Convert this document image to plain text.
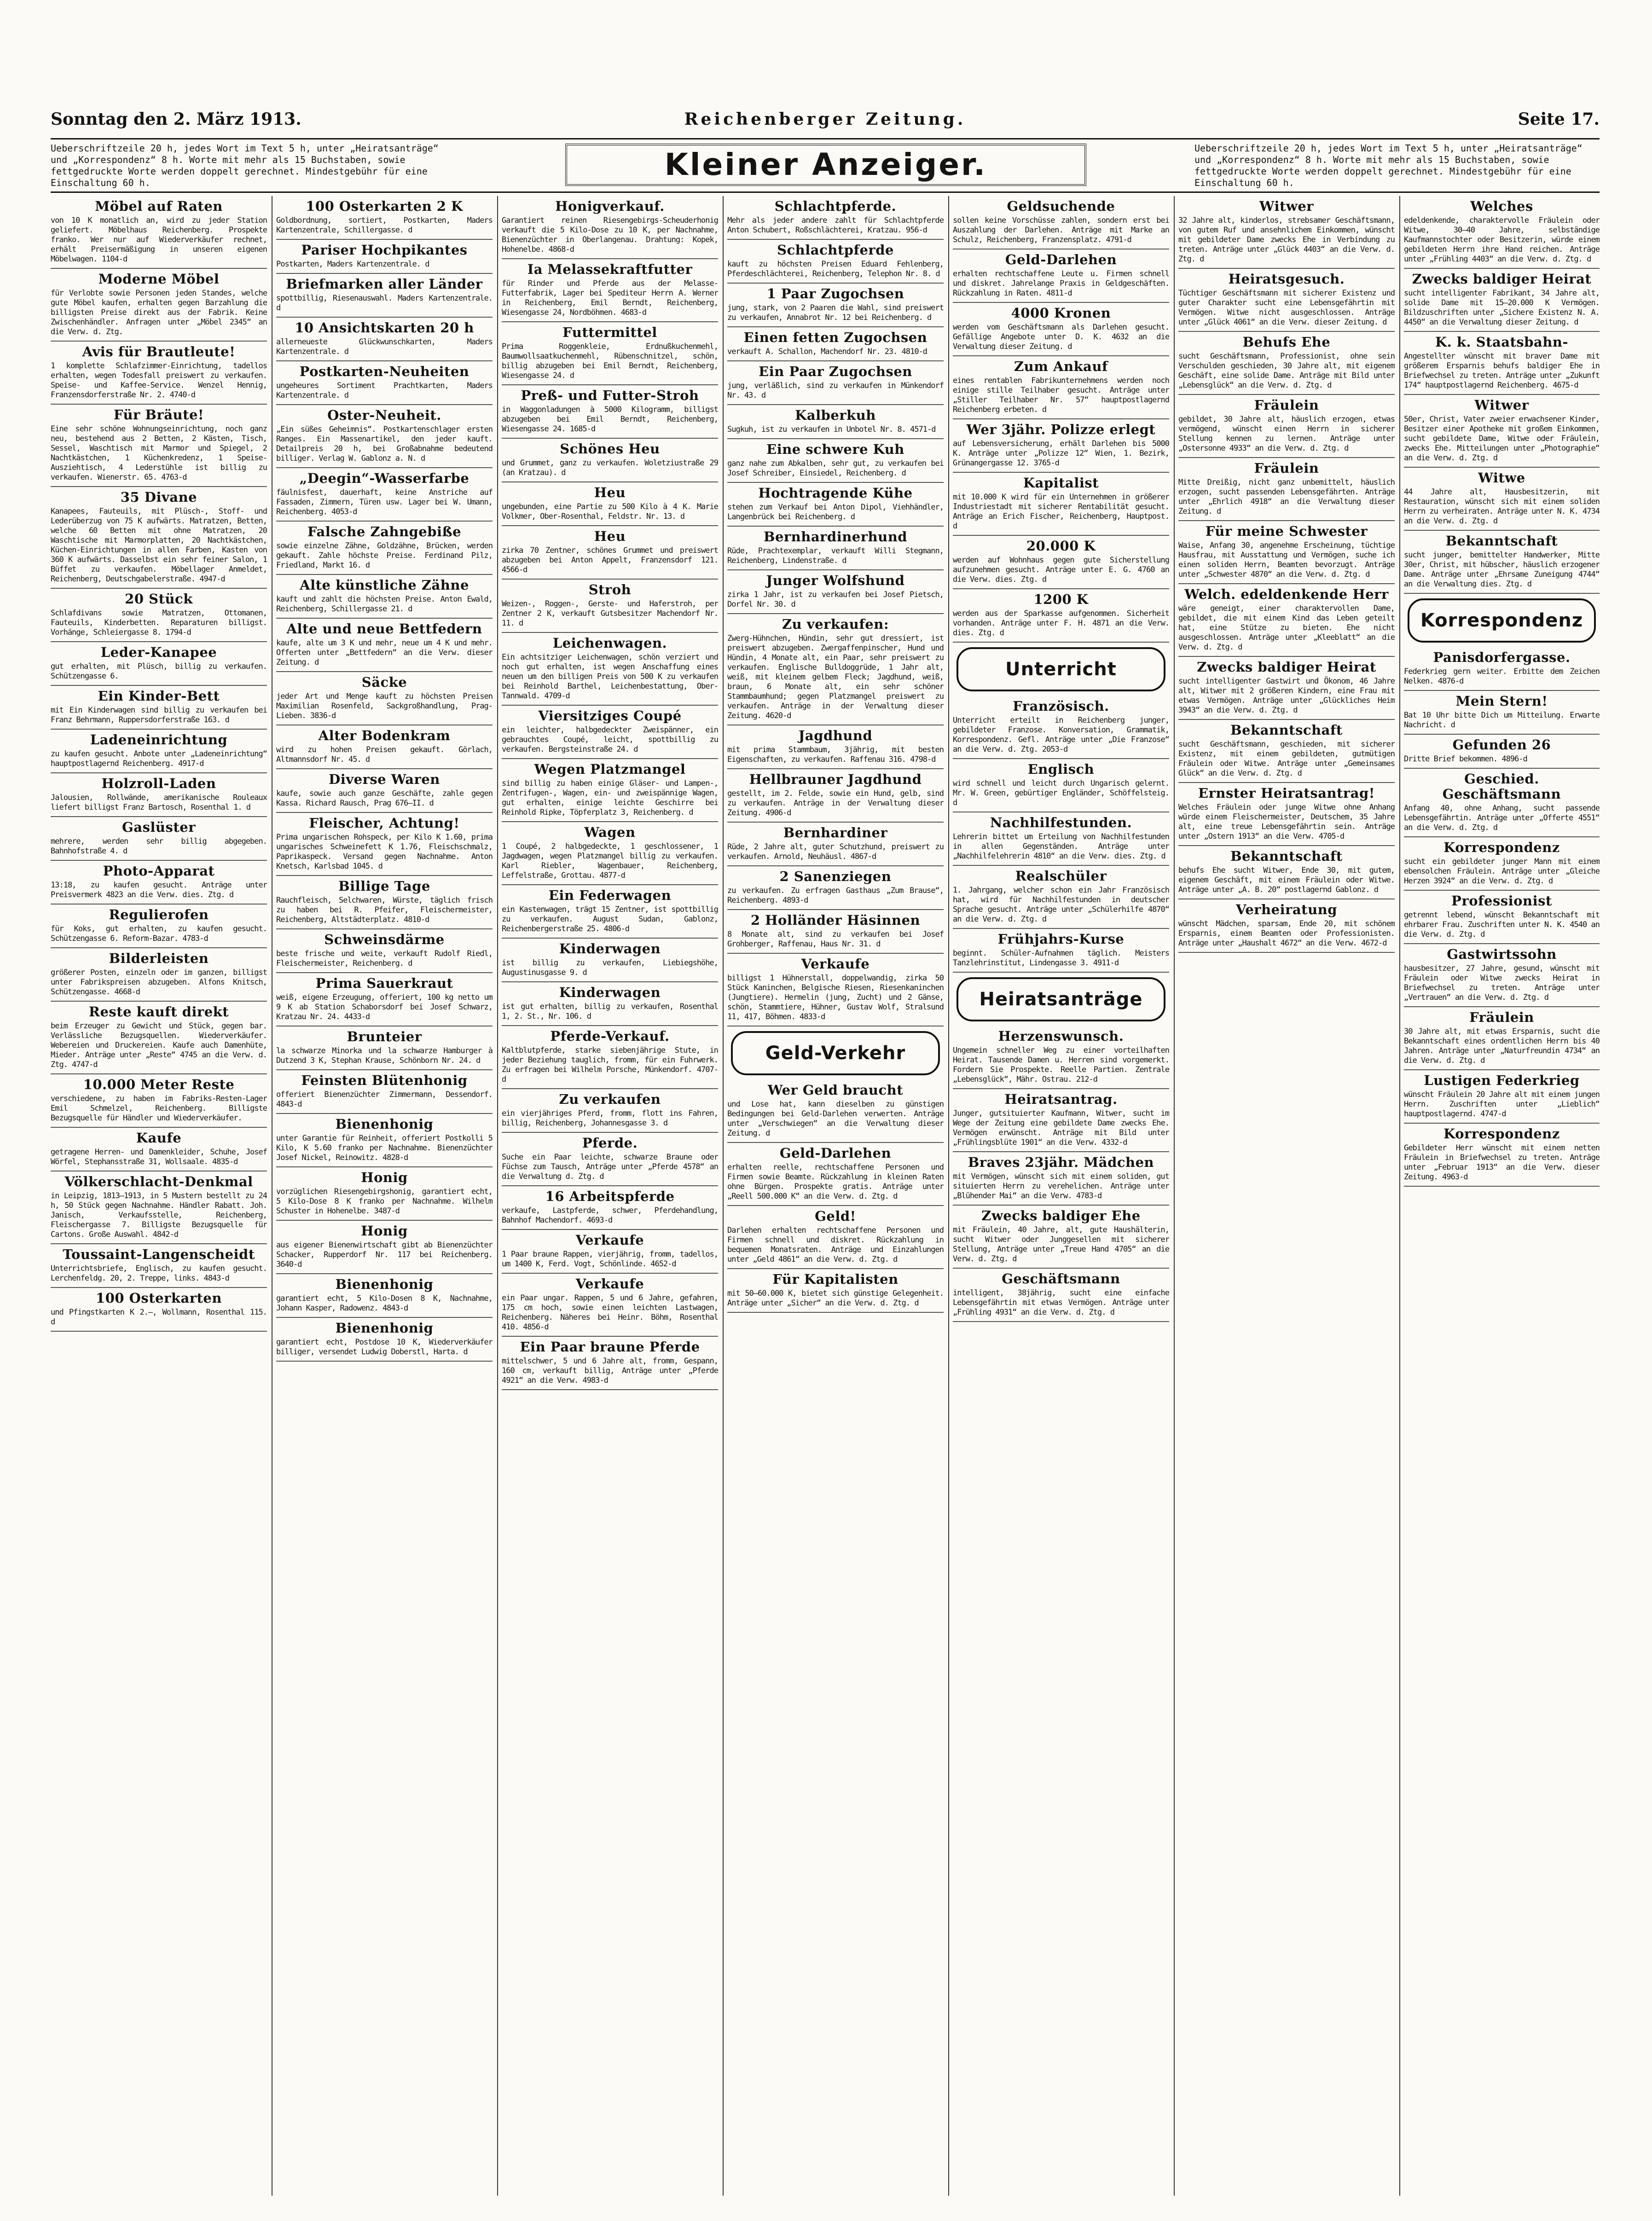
Sonntag den 2. März 1913.	Reichenberger Zeitung.	Seite 17.
Ueberschriftzeile 20 h, jedes Wort im Text 5 h, unter „Heiratsanträge“ und „Korrespondenz“ 8 h. Worte mit mehr als 15 Buchstaben, sowie fettgedruckte Worte werden doppelt gerechnet. Mindestgebühr für eine Einschaltung 60 h.
Kleiner Anzeiger.	Ueberschriftzeile 20 h, jedes Wort im Text 5 h, unter „Heiratsanträge“ und „Korrespondenz“ 8 h. Worte mit mehr als 15 Buchstaben, sowie fettgedruckte Worte werden doppelt gerechnet. Mindestgebühr für eine Einschaltung 60 h.
Möbel auf Raten

von 10 K monatlich an, wird zu jeder Station geliefert. Möbelhaus Reichenberg. Prospekte franko. Wer nur auf Wiederverkäufer rechnet, erhält Preisermäßigung in unseren eigenen Möbelwagen. 1104-d

Moderne Möbel

für Verlobte sowie Personen jeden Standes, welche gute Möbel kaufen, erhalten gegen Barzahlung die billigsten Preise direkt aus der Fabrik. Keine Zwischenhändler. Anfragen unter „Möbel 2345“ an die Verw. d. Ztg.

Avis für Brautleute!

1 komplette Schlafzimmer-Einrichtung, tadellos erhalten, wegen Todesfall preiswert zu verkaufen. Speise- und Kaffee-Service. Wenzel Hennig, Franzensdorferstraße Nr. 2. 4740-d

Für Bräute!

Eine sehr schöne Wohnungseinrichtung, noch ganz neu, bestehend aus 2 Betten, 2 Kästen, Tisch, Sessel, Waschtisch mit Marmor und Spiegel, 2 Nachtkästchen, 1 Küchenkredenz, 1 Speise-Ausziehtisch, 4 Lederstühle ist billig zu verkaufen. Wienerstr. 65. 4763-d

35 Divane

Kanapees, Fauteuils, mit Plüsch-, Stoff- und Lederüberzug von 75 K aufwärts. Matratzen, Betten, welche 60 Betten mit ohne Matratzen, 20 Waschtische mit Marmorplatten, 20 Nachtkästchen, Küchen-Einrichtungen in allen Farben, Kasten von 360 K aufwärts. Dasselbst ein sehr feiner Salon, 1 Büffet zu verkaufen. Möbellager Anmeldet, Reichenberg, Deutschgabelerstraße. 4947-d

20 Stück

Schlafdivans sowie Matratzen, Ottomanen, Fauteuils, Kinderbetten. Reparaturen billigst. Vorhänge, Schleiergasse 8. 1794-d

Leder-Kanapee

gut erhalten, mit Plüsch, billig zu verkaufen. Schützengasse 6.

Ein Kinder-Bett

mit Ein Kinderwagen sind billig zu verkaufen bei Franz Behrmann, Ruppersdorferstraße 163. d

Ladeneinrichtung

zu kaufen gesucht. Anbote unter „Ladeneinrichtung“ hauptpostlagernd Reichenberg. 4917-d

Holzroll-Laden

Jalousien, Rollwände, amerikanische Rouleaux liefert billigst Franz Bartosch, Rosenthal 1. d

Gaslüster

mehrere, werden sehr billig abgegeben. Bahnhofstraße 4. d

Photo-Apparat

13:18, zu kaufen gesucht. Anträge unter Preisvermerk 4823 an die Verw. dies. Ztg. d

Regulierofen

für Koks, gut erhalten, zu kaufen gesucht. Schützengasse 6. Reform-Bazar. 4783-d

Bilderleisten

größerer Posten, einzeln oder im ganzen, billigst unter Fabrikspreisen abzugeben. Alfons Knitsch, Schützengasse. 4668-d

Reste kauft direkt

beim Erzeuger zu Gewicht und Stück, gegen bar. Verlässliche Bezugsquellen. Wiederverkäufer. Webereien und Druckereien. Kaufe auch Damenhüte, Mieder. Anträge unter „Reste“ 4745 an die Verw. d. Ztg. 4747-d

10.000 Meter Reste

verschiedene, zu haben im Fabriks-Resten-Lager Emil Schmelzel, Reichenberg. Billigste Bezugsquelle für Händler und Wiederverkäufer.

Kaufe

getragene Herren- und Damenkleider, Schuhe, Josef Wörfel, Stephansstraße 31, Wollsaale. 4835-d

Völkerschlacht-Denkmal

in Leipzig, 1813—1913, in 5 Mustern bestellt zu 24 h, 50 Stück gegen Nachnahme. Händler Rabatt. Joh. Janisch, Verkaufsstelle, Reichenberg, Fleischergasse 7. Billigste Bezugsquelle für Cartons. Große Auswahl. 4842-d

Toussaint-Langenscheidt

Unterrichtsbriefe, Englisch, zu kaufen gesucht. Lerchenfeldg. 20, 2. Treppe, links. 4843-d

100 Osterkarten

und Pfingstkarten K 2.—, Wollmann, Rosenthal 115. d

100 Osterkarten 2 K

Goldbordnung, sortiert, Postkarten, Maders Kartenzentrale, Schillergasse. d

Pariser Hochpikantes

Postkarten, Maders Kartenzentrale. d

Briefmarken aller Länder

spottbillig, Riesenauswahl. Maders Kartenzentrale. d

10 Ansichtskarten 20 h

allerneueste Glückwunschkarten, Maders Kartenzentrale. d

Postkarten-Neuheiten

ungeheures Sortiment Prachtkarten, Maders Kartenzentrale. d

Oster-Neuheit.

„Ein süßes Geheimnis“. Postkartenschlager ersten Ranges. Ein Massenartikel, den jeder kauft. Detailpreis 20 h, bei Großabnahme bedeutend billiger. Verlag W. Gablonz a. N. d

„Deegin“-Wasserfarbe

fäulnisfest, dauerhaft, keine Anstriche auf Fassaden, Zimmern, Türen usw. Lager bei W. Umann, Reichenberg. 4053-d

Falsche Zahngebiße

sowie einzelne Zähne, Goldzähne, Brücken, werden gekauft. Zahle höchste Preise. Ferdinand Pilz, Friedland, Markt 16. d

Alte künstliche Zähne

kauft und zahlt die höchsten Preise. Anton Ewald, Reichenberg, Schillergasse 21. d

Alte und neue Bettfedern

kaufe, alte um 3 K und mehr, neue um 4 K und mehr. Offerten unter „Bettfedern“ an die Verw. dieser Zeitung. d

Säcke

jeder Art und Menge kauft zu höchsten Preisen Maximilian Rosenfeld, Sackgroßhandlung, Prag-Lieben. 3836-d

Alter Bodenkram

wird zu hohen Preisen gekauft. Görlach, Altmannsdorf Nr. 45. d

Diverse Waren

kaufe, sowie auch ganze Geschäfte, zahle gegen Kassa. Richard Rausch, Prag 676—II. d

Fleischer, Achtung!

Prima ungarischen Rohspeck, per Kilo K 1.60, prima ungarisches Schweinefett K 1.76, Fleischschmalz, Paprikaspeck. Versand gegen Nachnahme. Anton Knetsch, Karlsbad 1045. d

Billige Tage

Rauchfleisch, Selchwaren, Würste, täglich frisch zu haben bei R. Pfeifer, Fleischermeister, Reichenberg, Altstädterplatz. 4810-d

Schweinsdärme

beste frische und weite, verkauft Rudolf Riedl, Fleischermeister, Reichenberg. d

Prima Sauerkraut

weiß, eigene Erzeugung, offeriert, 100 kg netto um 9 K ab Station Schaborsdorf bei Josef Schwarz, Kratzau Nr. 24. 4433-d

Brunteier

la schwarze Minorka und la schwarze Hamburger à Dutzend 3 K, Stephan Krause, Schönborn Nr. 24. d

Feinsten Blütenhonig

offeriert Bienenzüchter Zimmermann, Dessendorf. 4843-d

Bienenhonig

unter Garantie für Reinheit, offeriert Postkolli 5 Kilo, K 5.60 franko per Nachnahme. Bienenzüchter Josef Nickel, Reinowitz. 4828-d

Honig

vorzüglichen Riesengebirgshonig, garantiert echt, 5 Kilo-Dose 8 K franko per Nachnahme. Wilhelm Schuster in Hohenelbe. 3487-d

Honig

aus eigener Bienenwirtschaft gibt ab Bienenzüchter Schacker, Rupperdorf Nr. 117 bei Reichenberg. 3640-d

Bienenhonig

garantiert echt, 5 Kilo-Dosen 8 K, Nachnahme, Johann Kasper, Radowenz. 4843-d

Bienenhonig

garantiert echt, Postdose 10 K, Wiederverkäufer billiger, versendet Ludwig Doberstl, Harta. d

Honigverkauf.

Garantiert reinen Riesengebirgs-Scheuderhonig verkauft die 5 Kilo-Dose zu 10 K, per Nachnahme, Bienenzüchter in Oberlangenau. Drahtung: Kopek, Hohenelbe. 4868-d

Ia Melassekraftfutter

für Rinder und Pferde aus der Melasse-Futterfabrik, Lager bei Spediteur Herrn A. Werner in Reichenberg, Emil Berndt, Reichenberg, Wiesengasse 24, Nordböhmen. 4683-d

Futtermittel

Prima Roggenkleie, Erdnußkuchenmehl, Baumwollsaatkuchenmehl, Rübenschnitzel, schön, billig abzugeben bei Emil Berndt, Reichenberg, Wiesengasse 24. d

Preß- und Futter-Stroh

in Waggonladungen à 5000 Kilogramm, billigst abzugeben bei Emil Berndt, Reichenberg, Wiesengasse 24. 1685-d

Schönes Heu

und Grummet, ganz zu verkaufen. Woletziustraße 29 (an Kratzau). d

Heu

ungebunden, eine Partie zu 500 Kilo à 4 K. Marie Volkmer, Ober-Rosenthal, Feldstr. Nr. 13. d

Heu

zirka 70 Zentner, schönes Grummet und preiswert abzugeben bei Anton Appelt, Franzensdorf 121. 4566-d

Stroh

Weizen-, Roggen-, Gerste- und Haferstroh, per Zentner 2 K, verkauft Gutsbesitzer Machendorf Nr. 11. d

Leichenwagen.

Ein achtsitziger Leichenwagen, schön verziert und noch gut erhalten, ist wegen Anschaffung eines neuen um den billigen Preis von 500 K zu verkaufen bei Reinhold Barthel, Leichenbestattung, Ober-Tannwald. 4709-d

Viersitziges Coupé

ein leichter, halbgedeckter Zweispänner, ein gebrauchtes Coupé, leicht, spottbillig zu verkaufen. Bergsteinstraße 24. d

Wegen Platzmangel

sind billig zu haben einige Gläser- und Lampen-, Zentrifugen-, Wagen, ein- und zweispännige Wagen, gut erhalten, einige leichte Geschirre bei Reinhold Ripke, Töpferplatz 3, Reichenberg. d

Wagen

1 Coupé, 2 halbgedeckte, 1 geschlossener, 1 Jagdwagen, wegen Platzmangel billig zu verkaufen. Karl Riebler, Wagenbauer, Reichenberg, Leffelstraße, Grottau. 4877-d

Ein Federwagen

ein Kastenwagen, trägt 15 Zentner, ist spottbillig zu verkaufen. August Sudan, Gablonz, Reichenbergerstraße 25. 4806-d

Kinderwagen

ist billig zu verkaufen, Liebiegshöhe, Augustinusgasse 9. d

Kinderwagen

ist gut erhalten, billig zu verkaufen, Rosenthal 1, 2. St., Nr. 106. d

Pferde-Verkauf.

Kaltblutpferde, starke siebenjährige Stute, in jeder Beziehung tauglich, fromm, für ein Fuhrwerk. Zu erfragen bei Wilhelm Porsche, Münkendorf. 4707-d

Zu verkaufen

ein vierjähriges Pferd, fromm, flott ins Fahren, billig, Reichenberg, Johannesgasse 3. d

Pferde.

Suche ein Paar leichte, schwarze Braune oder Füchse zum Tausch, Anträge unter „Pferde 4578“ an die Verwaltung d. Ztg. d

16 Arbeitspferde

verkaufe, Lastpferde, schwer, Pferdehandlung, Bahnhof Machendorf. 4693-d

Verkaufe

1 Paar braune Rappen, vierjährig, fromm, tadellos, um 1400 K, Ferd. Vogt, Schönlinde. 4652-d

Verkaufe

ein Paar ungar. Rappen, 5 und 6 Jahre, gefahren, 175 cm hoch, sowie einen leichten Lastwagen, Reichenberg. Näheres bei Heinr. Böhm, Rosenthal 410. 4856-d

Ein Paar braune Pferde

mittelschwer, 5 und 6 Jahre alt, fromm, Gespann, 160 cm, verkauft billig, Anträge unter „Pferde 4921“ an die Verw. 4983-d

Schlachtpferde.

Mehr als jeder andere zahlt für Schlachtpferde Anton Schubert, Roßschlächterei, Kratzau. 956-d

Schlachtpferde

kauft zu höchsten Preisen Eduard Fehlenberg, Pferdeschlächterei, Reichenberg, Telephon Nr. 8. d

1 Paar Zugochsen

jung, stark, von 2 Paaren die Wahl, sind preiswert zu verkaufen, Annabrot Nr. 12 bei Reichenberg. d

Einen fetten Zugochsen

verkauft A. Schallon, Machendorf Nr. 23. 4810-d

Ein Paar Zugochsen

jung, verläßlich, sind zu verkaufen in Münkendorf Nr. 43. d

Kalberkuh

Sugkuh, ist zu verkaufen in Unbotel Nr. 8. 4571-d

Eine schwere Kuh

ganz nahe zum Abkalben, sehr gut, zu verkaufen bei Josef Schreiber, Einsiedel, Reichenberg. d

Hochtragende Kühe

stehen zum Verkauf bei Anton Dipol, Viehhändler, Langenbrück bei Reichenberg. d

Bernhardinerhund

Rüde, Prachtexemplar, verkauft Willi Stegmann, Reichenberg, Lindenstraße. d

Junger Wolfshund

zirka 1 Jahr, ist zu verkaufen bei Josef Pietsch, Dorfel Nr. 30. d

Zu verkaufen:

Zwerg-Hühnchen, Hündin, sehr gut dressiert, ist preiswert abzugeben. Zwergaffenpinscher, Hund und Hündin, 4 Monate alt, ein Paar, sehr preiswert zu verkaufen. Englische Bulldoggrüde, 1 Jahr alt, weiß, mit kleinem gelbem Fleck; Jagdhund, weiß, braun, 6 Monate alt, ein sehr schöner Stammbaumhund; gegen Platzmangel preiswert zu verkaufen. Anträge in der Verwaltung dieser Zeitung. 4620-d

Jagdhund

mit prima Stammbaum, 3jährig, mit besten Eigenschaften, zu verkaufen. Raffenau 316. 4798-d

Hellbrauner Jagdhund

gestellt, im 2. Felde, sowie ein Hund, gelb, sind zu verkaufen. Anträge in der Verwaltung dieser Zeitung. 4906-d

Bernhardiner

Rüde, 2 Jahre alt, guter Schutzhund, preiswert zu verkaufen. Arnold, Neuhäusl. 4867-d

2 Sanenziegen

zu verkaufen. Zu erfragen Gasthaus „Zum Brause“, Reichenberg. 4893-d

2 Holländer Häsinnen

8 Monate alt, sind zu verkaufen bei Josef Grohberger, Raffenau, Haus Nr. 31. d

Verkaufe

billigst 1 Hühnerstall, doppelwandig, zirka 50 Stück Kaninchen, Belgische Riesen, Riesenkaninchen (Jungtiere). Hermelin (jung, Zucht) und 2 Gänse, schön, Stammtiere, Hühner, Gustav Wolf, Stralsund 11, 417, Böhmen. 4833-d

Geld-Verkehr
Wer Geld braucht

und Lose hat, kann dieselben zu günstigen Bedingungen bei Geld-Darlehen verwerten. Anträge unter „Verschwiegen“ an die Verwaltung dieser Zeitung. d

Geld-Darlehen

erhalten reelle, rechtschaffene Personen und Firmen sowie Beamte. Rückzahlung in kleinen Raten ohne Bürgen. Prospekte gratis. Anträge unter „Reell 500.000 K“ an die Verw. d. Ztg. d

Geld!

Darlehen erhalten rechtschaffene Personen und Firmen schnell und diskret. Rückzahlung in bequemen Monatsraten. Anträge und Einzahlungen unter „Geld 4861“ an die Verw. d. Ztg. d

Für Kapitalisten

mit 50—60.000 K, bietet sich günstige Gelegenheit. Anträge unter „Sicher“ an die Verw. d. Ztg. d

Geldsuchende

sollen keine Vorschüsse zahlen, sondern erst bei Auszahlung der Darlehen. Anträge mit Marke an Schulz, Reichenberg, Franzensplatz. 4791-d

Geld-Darlehen

erhalten rechtschaffene Leute u. Firmen schnell und diskret. Jahrelange Praxis in Geldgeschäften. Rückzahlung in Raten. 4811-d

4000 Kronen

werden vom Geschäftsmann als Darlehen gesucht. Gefällige Angebote unter D. K. 4632 an die Verwaltung dieser Zeitung. d

Zum Ankauf

eines rentablen Fabrikunternehmens werden noch einige stille Teilhaber gesucht. Anträge unter „Stiller Teilhaber Nr. 57“ hauptpostlagernd Reichenberg erbeten. d

Wer 3jähr. Polizze erlegt

auf Lebensversicherung, erhält Darlehen bis 5000 K. Anträge unter „Polizze 12“ Wien, 1. Bezirk, Grünangergasse 12. 3765-d

Kapitalist

mit 10.000 K wird für ein Unternehmen in größerer Industriestadt mit sicherer Rentabilität gesucht. Anträge an Erich Fischer, Reichenberg, Hauptpost. d

20.000 K

werden auf Wohnhaus gegen gute Sicherstellung aufzunehmen gesucht. Anträge unter E. G. 4760 an die Verw. dies. Ztg. d

1200 K

werden aus der Sparkasse aufgenommen. Sicherheit vorhanden. Anträge unter F. H. 4871 an die Verw. dies. Ztg. d

Unterricht
Französisch.

Unterricht erteilt in Reichenberg junger, gebildeter Franzose. Konversation, Grammatik, Korrespondenz. Gefl. Anträge unter „Die Franzose“ an die Verw. d. Ztg. 2053-d

Englisch

wird schnell und leicht durch Ungarisch gelernt. Mr. W. Green, gebürtiger Engländer, Schöffelsteig. d

Nachhilfestunden.

Lehrerin bittet um Erteilung von Nachhilfestunden in allen Gegenständen. Anträge unter „Nachhilfelehrerin 4810“ an die Verw. dies. Ztg. d

Realschüler

1. Jahrgang, welcher schon ein Jahr Französisch hat, wird für Nachhilfestunden in deutscher Sprache gesucht. Anträge unter „Schülerhilfe 4870“ an die Verw. d. Ztg. d

Frühjahrs-Kurse

beginnt. Schüler-Aufnahmen täglich. Meisters Tanzlehrinstitut, Lindengasse 3. 4911-d

Heiratsanträge
Herzenswunsch.

Ungemein schneller Weg zu einer vorteilhaften Heirat. Tausende Damen u. Herren sind vorgemerkt. Fordern Sie Prospekte. Reelle Partien. Zentrale „Lebensglück“, Mähr. Ostrau. 212-d

Heiratsantrag.

Junger, gutsituierter Kaufmann, Witwer, sucht im Wege der Zeitung eine gebildete Dame zwecks Ehe. Vermögen erwünscht. Anträge mit Bild unter „Frühlingsblüte 1901“ an die Verw. 4332-d

Braves 23jähr. Mädchen

mit Vermögen, wünscht sich mit einem soliden, gut situierten Herrn zu verehelichen. Anträge unter „Blühender Mai“ an die Verw. 4783-d

Zwecks baldiger Ehe

mit Fräulein, 40 Jahre, alt, gute Haushälterin, sucht Witwer oder Junggesellen mit sicherer Stellung, Anträge unter „Treue Hand 4705“ an die Verw. d. Ztg. d

Geschäftsmann

intelligent, 38jährig, sucht eine einfache Lebensgefährtin mit etwas Vermögen. Anträge unter „Frühling 4931“ an die Verw. d. Ztg. d

Witwer

32 Jahre alt, kinderlos, strebsamer Geschäftsmann, von gutem Ruf und ansehnlichem Einkommen, wünscht mit gebildeter Dame zwecks Ehe in Verbindung zu treten. Anträge unter „Glück 4403“ an die Verw. d. Ztg. d

Heiratsgesuch.

Tüchtiger Geschäftsmann mit sicherer Existenz und guter Charakter sucht eine Lebensgefährtin mit Vermögen. Witwe nicht ausgeschlossen. Anträge unter „Glück 4061“ an die Verw. dieser Zeitung. d

Behufs Ehe

sucht Geschäftsmann, Professionist, ohne sein Verschulden geschieden, 30 Jahre alt, mit eigenem Geschäft, eine solide Dame. Anträge mit Bild unter „Lebensglück“ an die Verw. d. Ztg. d

Fräulein

gebildet, 30 Jahre alt, häuslich erzogen, etwas vermögend, wünscht einen Herrn in sicherer Stellung kennen zu lernen. Anträge unter „Ostersonne 4933“ an die Verw. d. Ztg. d

Fräulein

Mitte Dreißig, nicht ganz unbemittelt, häuslich erzogen, sucht passenden Lebensgefährten. Anträge unter „Ehrlich 4918“ an die Verwaltung dieser Zeitung. d

Für meine Schwester

Waise, Anfang 30, angenehme Erscheinung, tüchtige Hausfrau, mit Ausstattung und Vermögen, suche ich einen soliden Herrn, Beamten bevorzugt. Anträge unter „Schwester 4870“ an die Verw. d. Ztg. d

Welch. edeldenkende Herr

wäre geneigt, einer charaktervollen Dame, gebildet, die mit einem Kind das Leben geteilt hat, eine Stütze zu bieten. Ehe nicht ausgeschlossen. Anträge unter „Kleeblatt“ an die Verw. d. Ztg. d

Zwecks baldiger Heirat

sucht intelligenter Gastwirt und Ökonom, 46 Jahre alt, Witwer mit 2 größeren Kindern, eine Frau mit etwas Vermögen. Anträge unter „Glückliches Heim 3943“ an die Verw. d. Ztg. d

Bekanntschaft

sucht Geschäftsmann, geschieden, mit sicherer Existenz, mit einem gebildeten, gutmütigen Fräulein oder Witwe. Anträge unter „Gemeinsames Glück“ an die Verw. d. Ztg. d

Ernster Heiratsantrag!

Welches Fräulein oder junge Witwe ohne Anhang würde einem Fleischermeister, Deutschem, 35 Jahre alt, eine treue Lebensgefährtin sein. Anträge unter „Ostern 1913“ an die Verw. 4705-d

Bekanntschaft

behufs Ehe sucht Witwer, Ende 30, mit gutem, eigenem Geschäft, mit einem Fräulein oder Witwe. Anträge unter „A. B. 20“ postlagernd Gablonz. d

Verheiratung

wünscht Mädchen, sparsam, Ende 20, mit schönem Ersparnis, einem Beamten oder Professionisten. Anträge unter „Haushalt 4672“ an die Verw. 4672-d

Welches

edeldenkende, charaktervolle Fräulein oder Witwe, 30—40 Jahre, selbständige Kaufmannstochter oder Besitzerin, würde einem gebildeten Herrn ihre Hand reichen. Anträge unter „Frühling 4403“ an die Verw. d. Ztg. d

Zwecks baldiger Heirat

sucht intelligenter Fabrikant, 34 Jahre alt, solide Dame mit 15—20.000 K Vermögen. Bildzuschriften unter „Sichere Existenz N. A. 4450“ an die Verwaltung dieser Zeitung. d

K. k. Staatsbahn-

Angestellter wünscht mit braver Dame mit größerem Ersparnis behufs baldiger Ehe in Briefwechsel zu treten. Anträge unter „Zukunft 174“ hauptpostlagernd Reichenberg. 4675-d

Witwer

50er, Christ, Vater zweier erwachsener Kinder, Besitzer einer Apotheke mit großem Einkommen, sucht gebildete Dame, Witwe oder Fräulein, zwecks Ehe. Mitteilungen unter „Photographie“ an die Verw. d. Ztg. d

Witwe

44 Jahre alt, Hausbesitzerin, mit Restauration, wünscht sich mit einem soliden Herrn zu verheiraten. Anträge unter N. K. 4734 an die Verw. d. Ztg. d

Bekanntschaft

sucht junger, bemittelter Handwerker, Mitte 30er, Christ, mit hübscher, häuslich erzogener Dame. Anträge unter „Ehrsame Zuneigung 4744“ an die Verwaltung dies. Ztg. d

Korrespondenz
Panisdorfergasse.

Federkrieg gern weiter. Erbitte dem Zeichen Nelken. 4876-d

Mein Stern!

Bat 10 Uhr bitte Dich um Mitteilung. Erwarte Nachricht. d

Gefunden 26

Dritte Brief bekommen. 4896-d

Geschied. Geschäftsmann

Anfang 40, ohne Anhang, sucht passende Lebensgefährtin. Anträge unter „Offerte 4551“ an die Verw. d. Ztg. d

Korrespondenz

sucht ein gebildeter junger Mann mit einem ebensolchen Fräulein. Anträge unter „Gleiche Herzen 3924“ an die Verw. d. Ztg. d

Professionist

getrennt lebend, wünscht Bekanntschaft mit ehrbarer Frau. Zuschriften unter N. K. 4540 an die Verw. d. Ztg. d

Gastwirtssohn

hausbesitzer, 27 Jahre, gesund, wünscht mit Fräulein oder Witwe zwecks Heirat in Briefwechsel zu treten. Anträge unter „Vertrauen“ an die Verw. d. Ztg. d

Fräulein

30 Jahre alt, mit etwas Ersparnis, sucht die Bekanntschaft eines ordentlichen Herrn bis 40 Jahren. Anträge unter „Naturfreundin 4734“ an die Verw. d. Ztg. d

Lustigen Federkrieg

wünscht Fräulein 20 Jahre alt mit einem jungen Herrn. Zuschriften unter „Lieblich“ hauptpostlagernd. 4747-d

Korrespondenz

Gebildeter Herr wünscht mit einem netten Fräulein in Briefwechsel zu treten. Anträge unter „Februar 1913“ an die Verw. dieser Zeitung. 4963-d
